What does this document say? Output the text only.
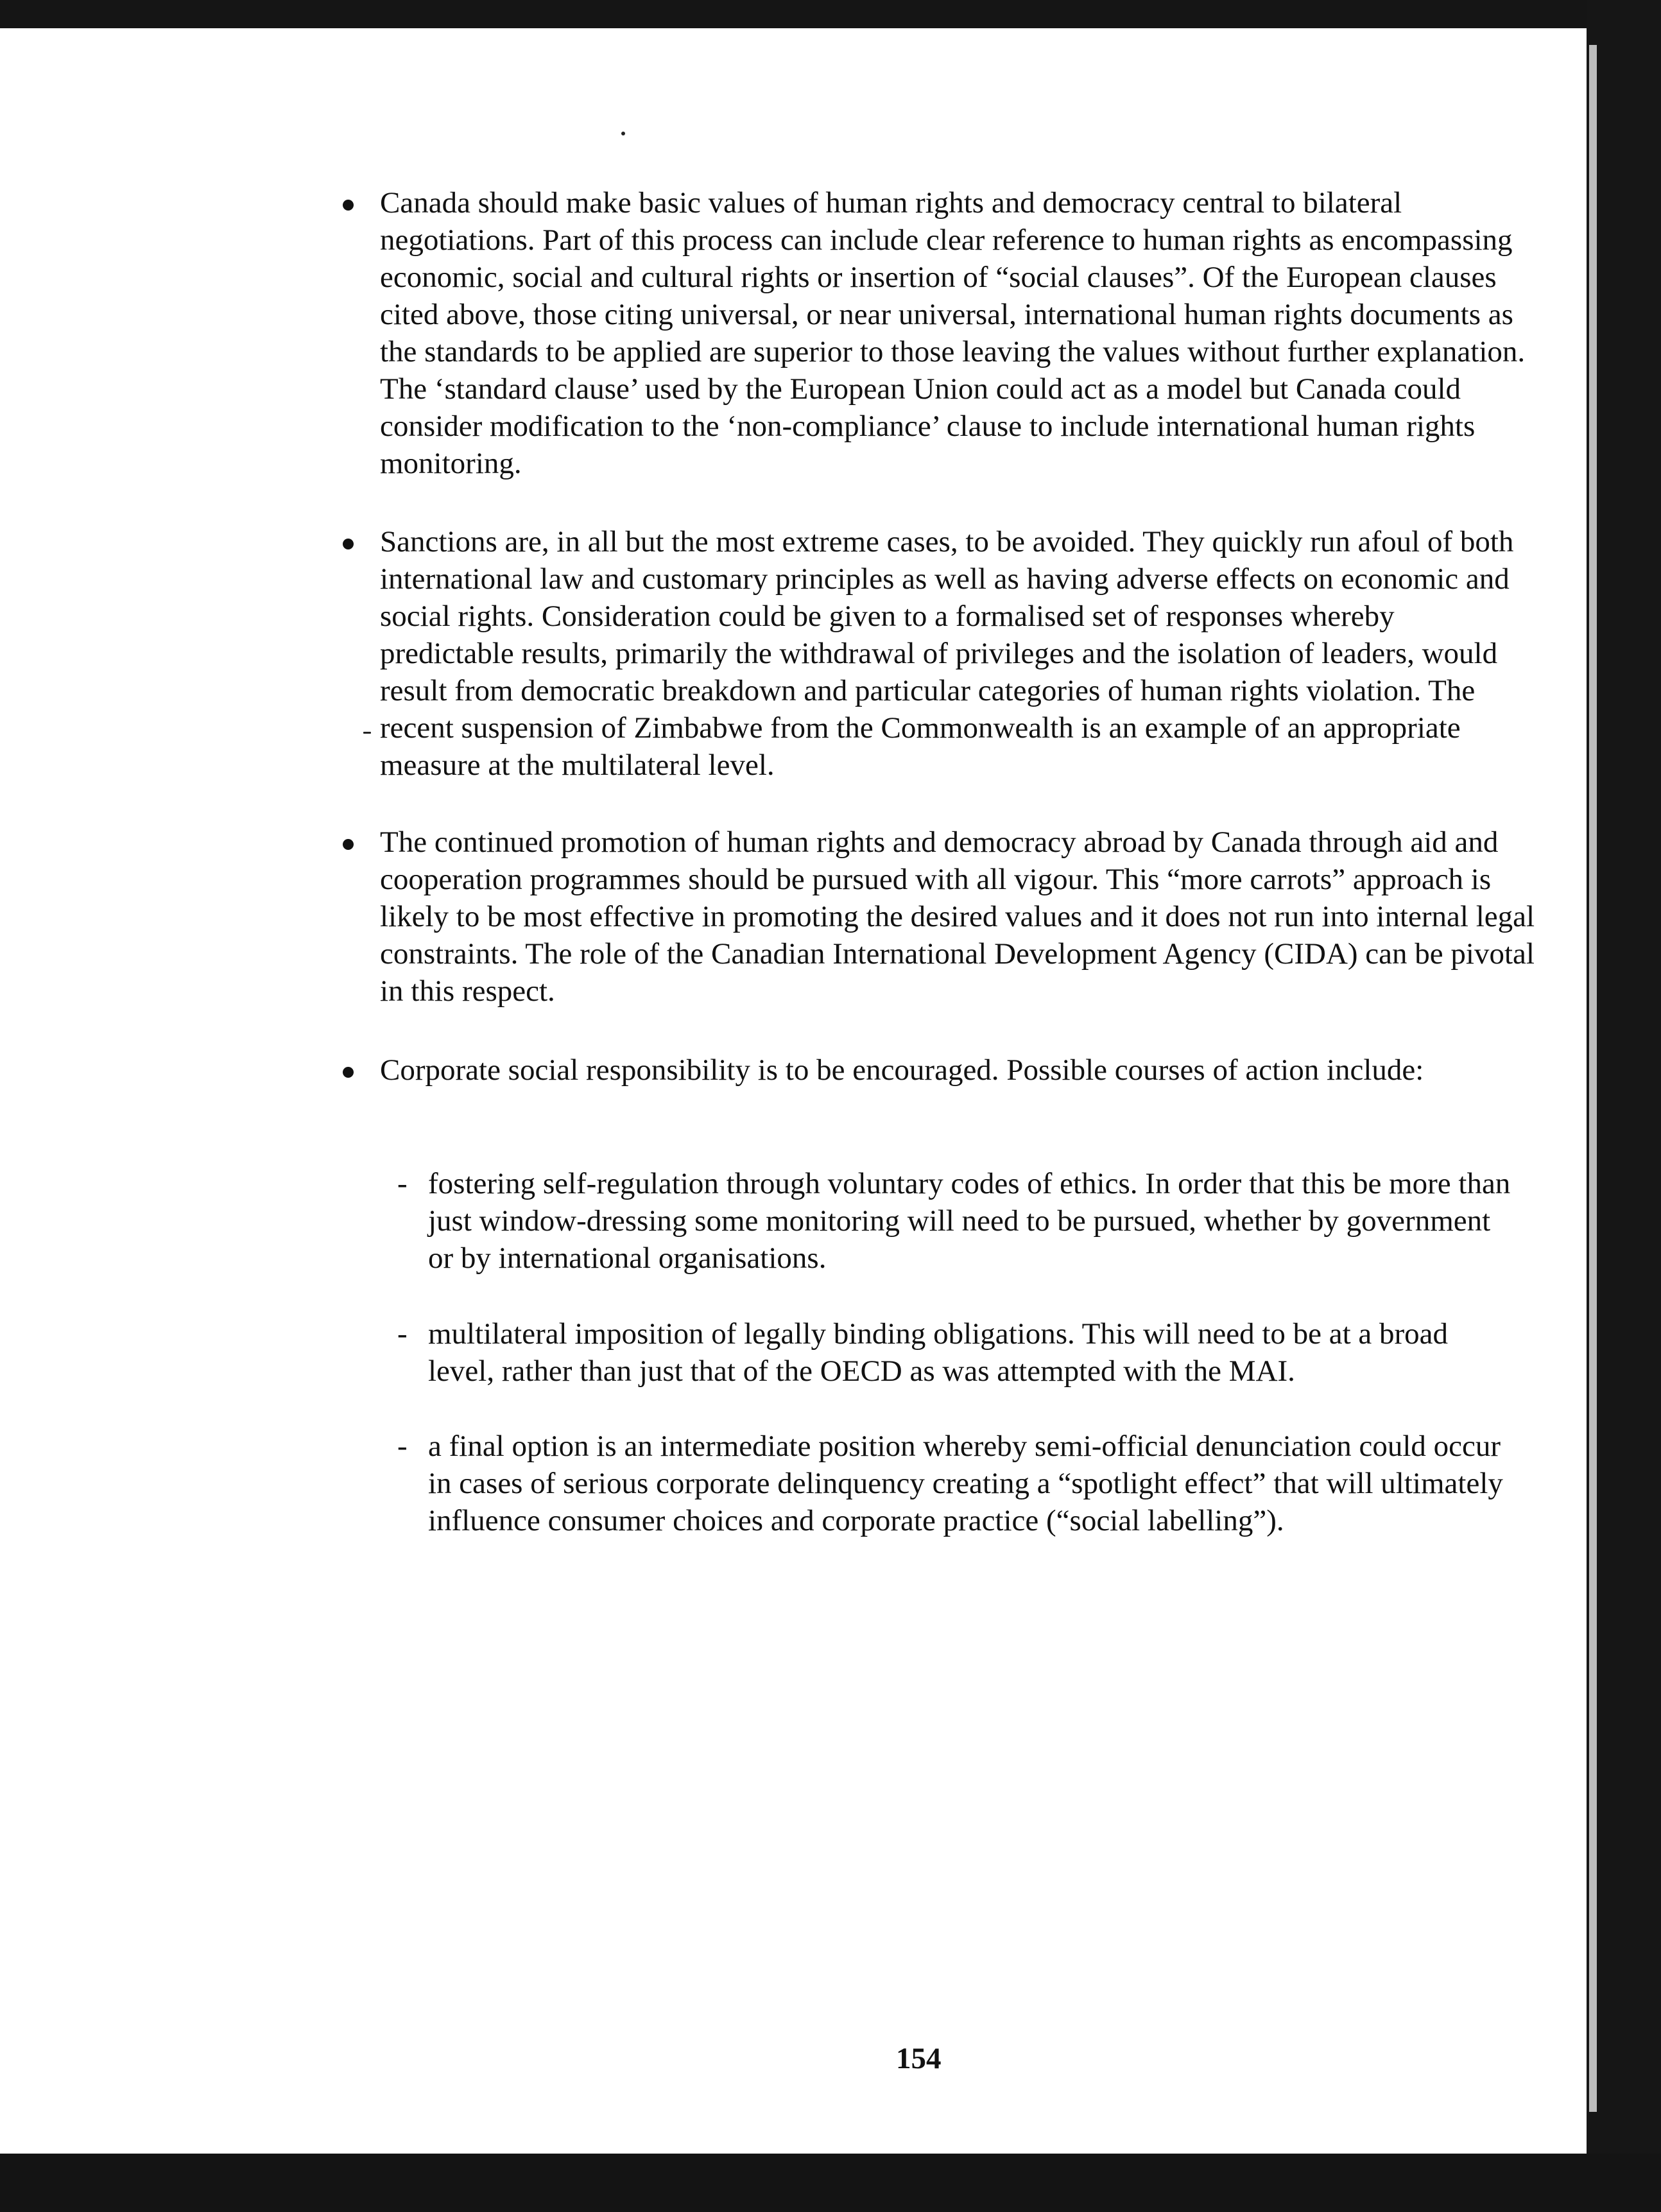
Canada should make basic values of human rights and democracy central to bilateral negotiations. Part of this process can include clear reference to human rights as encompassing economic, social and cultural rights or insertion of “social clauses”. Of the European clauses cited above, those citing universal, or near universal, international human rights documents as the standards to be applied are superior to those leaving the values without further explanation. The ‘standard clause’ used by the European Union could act as a model but Canada could consider modification to the ‘non-compliance’ clause to include international human rights monitoring.
Sanctions are, in all but the most extreme cases, to be avoided. They quickly run afoul of both international law and customary principles as well as having adverse effects on economic and social rights. Consideration could be given to a formalised set of responses whereby predictable results, primarily the withdrawal of privileges and the isolation of leaders, would result from democratic breakdown and particular categories of human rights violation. The recent suspension of Zimbabwe from the Commonwealth is an example of an appropriate measure at the multilateral level.
The continued promotion of human rights and democracy abroad by Canada through aid and cooperation programmes should be pursued with all vigour. This “more carrots” approach is likely to be most effective in promoting the desired values and it does not run into internal legal constraints. The role of the Canadian International Development Agency (CIDA) can be pivotal in this respect.
Corporate social responsibility is to be encouraged. Possible courses of action include:
- fostering self-regulation through voluntary codes of ethics. In order that this be more than just window-dressing some monitoring will need to be pursued, whether by government or by international organisations.
- multilateral imposition of legally binding obligations. This will need to be at a broad level, rather than just that of the OECD as was attempted with the MAI.
- a final option is an intermediate position whereby semi-official denunciation could occur in cases of serious corporate delinquency creating a “spotlight effect” that will ultimately influence consumer choices and corporate practice (“social labelling”).
154
